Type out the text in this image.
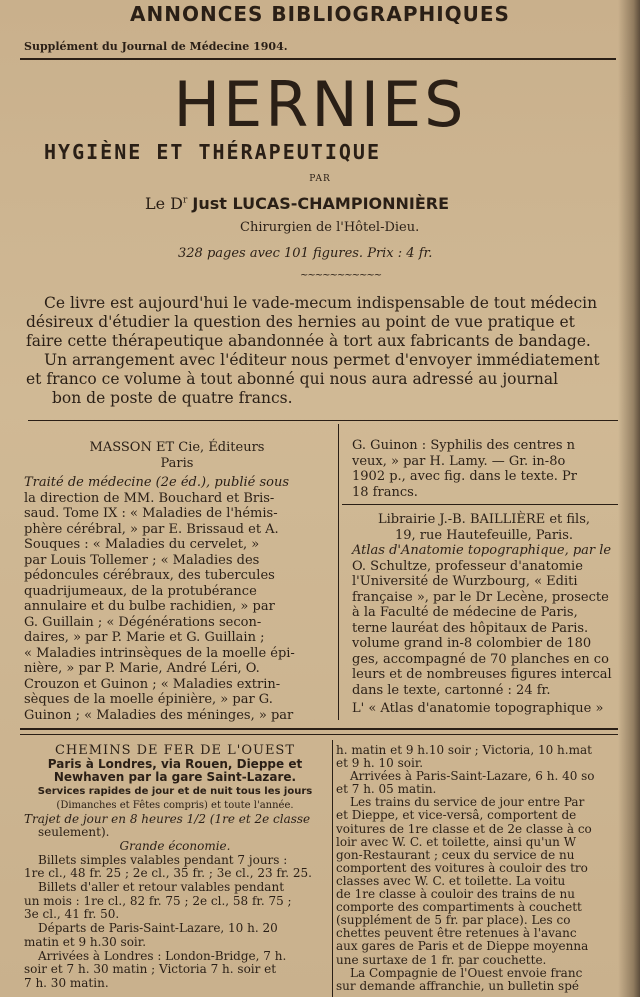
ANNONCES BIBLIOGRAPHIQUES
Supplément du Journal de Médecine 1904.
HERNIES
HYGIÈNE ET THÉRAPEUTIQUE
PAR
Le $D^r$ Just LUCAS-CHAMPIONNIÈRE
Chirurgien de l'Hôtel-Dieu.
328 pages avec 101 figures. Prix : 4 fr.
~~~~~~~~~~~

Ce livre est aujourd'hui le vade-mecum indispensable de tout médecin

désireux d'étudier la question des hernies au point de vue pratique et

faire cette thérapeutique abandonnée à tort aux fabricants de bandage.

Un arrangement avec l'éditeur nous permet d'envoyer immédiatement

et franco ce volume à tout abonné qui nous aura adressé au journal

bon de poste de quatre francs.

MASSON ET Cie, Éditeurs

Paris

Traité de médecine (2e éd.), publié sous

la direction de MM. Bouchard et Bris-

saud. Tome IX : « Maladies de l'hémis-

phère cérébral, » par E. Brissaud et A.

Souques : « Maladies du cervelet, »

par Louis Tollemer ; « Maladies des

pédoncules cérébraux, des tubercules

quadrijumeaux, de la protubérance

annulaire et du bulbe rachidien, » par

G. Guillain ; « Dégénérations secon-

daires, » par P. Marie et G. Guillain ;

« Maladies intrinsèques de la moelle épi-

nière, » par P. Marie, André Léri, O.

Crouzon et Guinon ; « Maladies extrin-

sèques de la moelle épinière, » par G.

Guinon ; « Maladies des méninges, » par

G. Guinon : Syphilis des centres n

veux, » par H. Lamy. — Gr. in-8o

1902 p., avec fig. dans le texte. Pr

18 francs.

Librairie J.-B. BAILLIÈRE et fils,

19, rue Hautefeuille, Paris.

Atlas d'Anatomie topographique, par le

O. Schultze, professeur d'anatomie

l'Université de Wurzbourg, « Editi

française », par le Dr Lecène, prosecte

à la Faculté de médecine de Paris,

terne lauréat des hôpitaux de Paris.

volume grand in-8 colombier de 180

ges, accompagné de 70 planches en co

leurs et de nombreuses figures intercal

dans le texte, cartonné : 24 fr.

L' « Atlas d'anatomie topographique »

CHEMINS DE FER DE L'OUEST

Paris à Londres, via Rouen, Dieppe et

Newhaven par la gare Saint-Lazare.

Services rapides de jour et de nuit tous les jours

(Dimanches et Fêtes compris) et toute l'année.

Trajet de jour en 8 heures 1/2 (1re et 2e classe

seulement).

Grande économie.

Billets simples valables pendant 7 jours :

1re cl., 48 fr. 25 ; 2e cl., 35 fr. ; 3e cl., 23 fr. 25.

Billets d'aller et retour valables pendant

un mois : 1re cl., 82 fr. 75 ; 2e cl., 58 fr. 75 ;

3e cl., 41 fr. 50.

Départs de Paris-Saint-Lazare, 10 h. 20

matin et 9 h.30 soir.

Arrivées à Londres : London-Bridge, 7 h.

soir et 7 h. 30 matin ; Victoria 7 h. soir et

7 h. 30 matin.

h. matin et 9 h.10 soir ; Victoria, 10 h.mat

et 9 h. 10 soir.

Arrivées à Paris-Saint-Lazare, 6 h. 40 so

et 7 h. 05 matin.

Les trains du service de jour entre Par

et Dieppe, et vice-versâ, comportent de

voitures de 1re classe et de 2e classe à co

loir avec W. C. et toilette, ainsi qu'un W

gon-Restaurant ; ceux du service de nu

comportent des voitures à couloir des tro

classes avec W. C. et toilette. La voitu

de 1re classe à couloir des trains de nu

comporte des compartiments à couchett

(supplément de 5 fr. par place). Les co

chettes peuvent être retenues à l'avanc

aux gares de Paris et de Dieppe moyenna

une surtaxe de 1 fr. par couchette.

La Compagnie de l'Ouest envoie franc

sur demande affranchie, un bulletin spé
